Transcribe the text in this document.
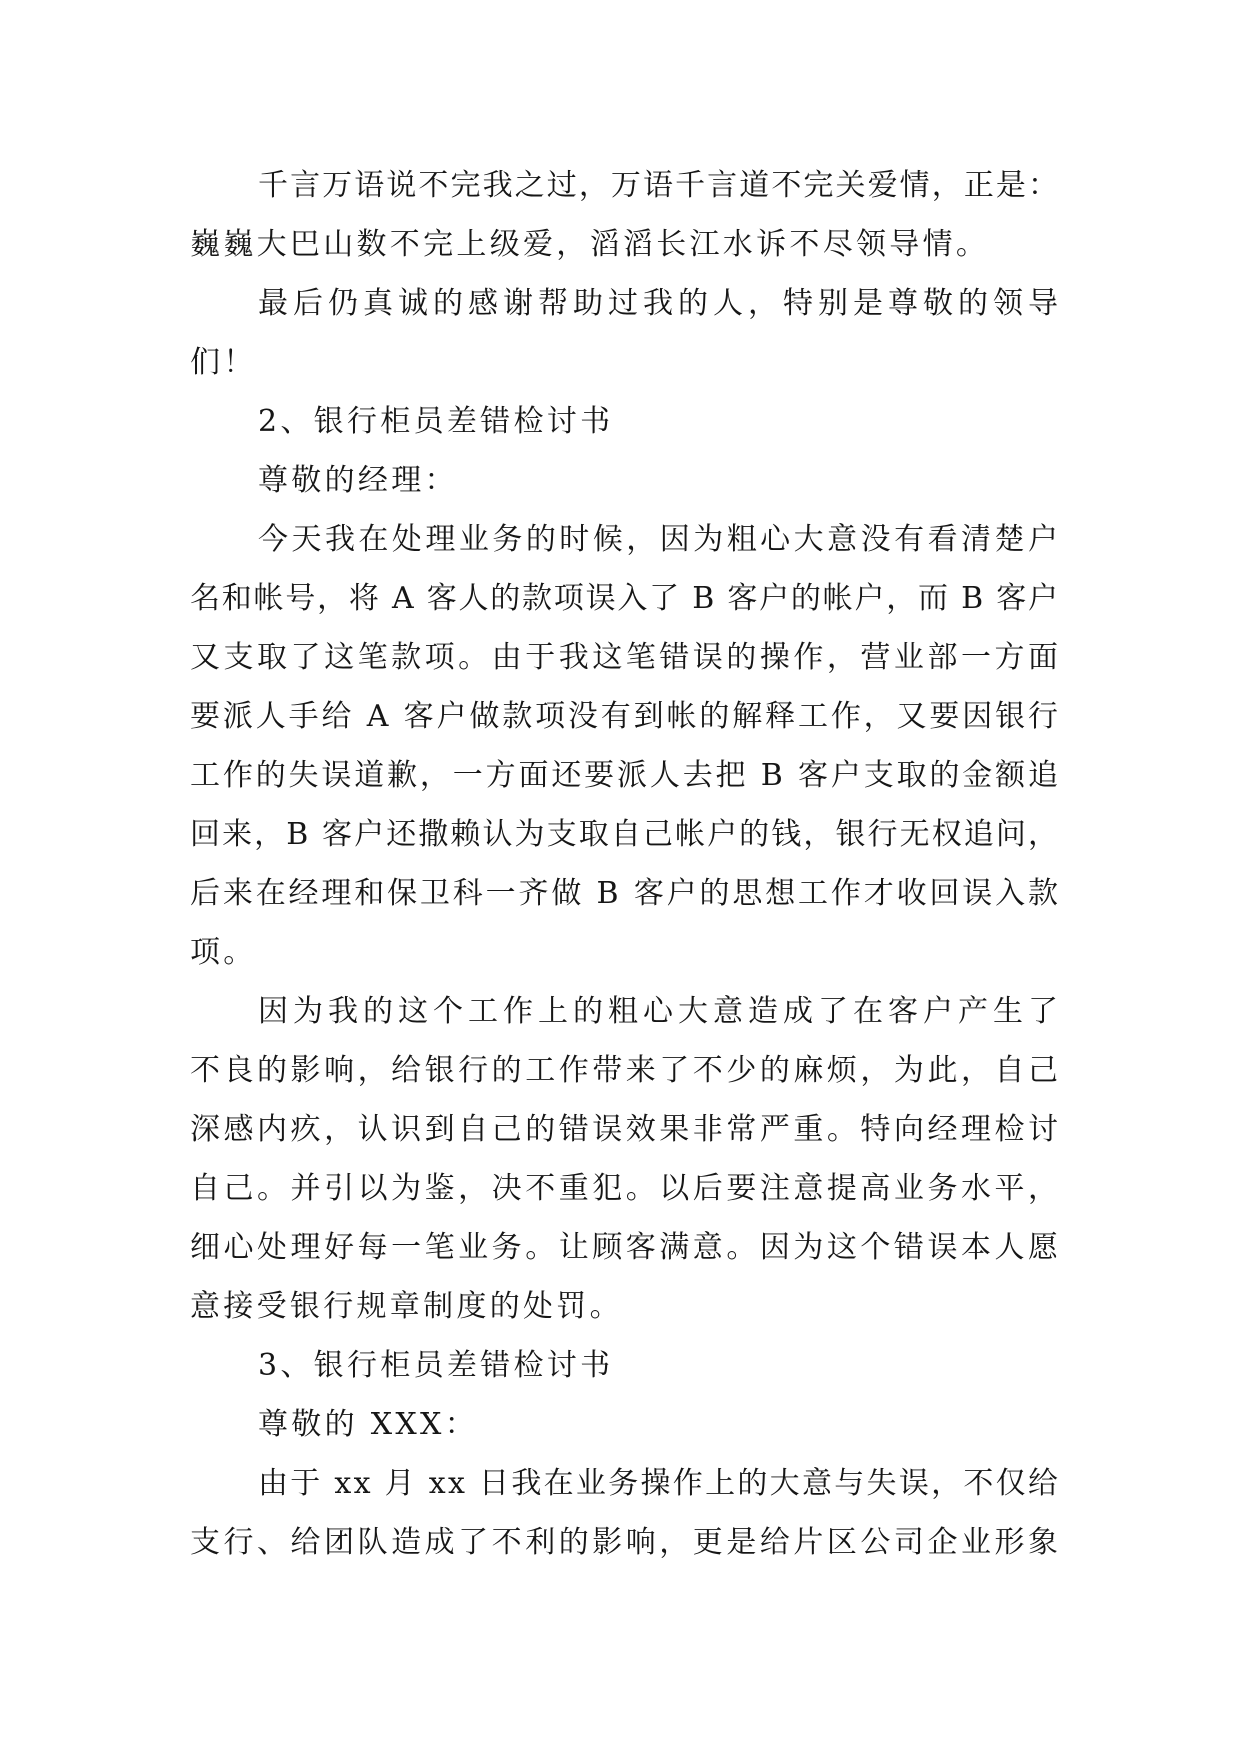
千言万语说不完我之过，万语千言道不完关爱情，正是：
巍巍大巴山数不完上级爱，滔滔长江水诉不尽领导情。
最后仍真诚的感谢帮助过我的人，特别是尊敬的领导
们！
2、银行柜员差错检讨书
尊敬的经理：
今天我在处理业务的时候，因为粗心大意没有看清楚户
名和帐号，将 A 客人的款项误入了 B 客户的帐户，而 B 客户
又支取了这笔款项。由于我这笔错误的操作，营业部一方面
要派人手给 A 客户做款项没有到帐的解释工作，又要因银行
工作的失误道歉，一方面还要派人去把 B 客户支取的金额追
回来，B 客户还撒赖认为支取自己帐户的钱，银行无权追问，
后来在经理和保卫科一齐做 B 客户的思想工作才收回误入款
项。
因为我的这个工作上的粗心大意造成了在客户产生了
不良的影响，给银行的工作带来了不少的麻烦，为此，自己
深感内疚，认识到自己的错误效果非常严重。特向经理检讨
自己。并引以为鉴，决不重犯。以后要注意提高业务水平，
细心处理好每一笔业务。让顾客满意。因为这个错误本人愿
意接受银行规章制度的处罚。
3、银行柜员差错检讨书
尊敬的 XXX：
由于 xx 月 xx 日我在业务操作上的大意与失误，不仅给
支行、给团队造成了不利的影响，更是给片区公司企业形象
